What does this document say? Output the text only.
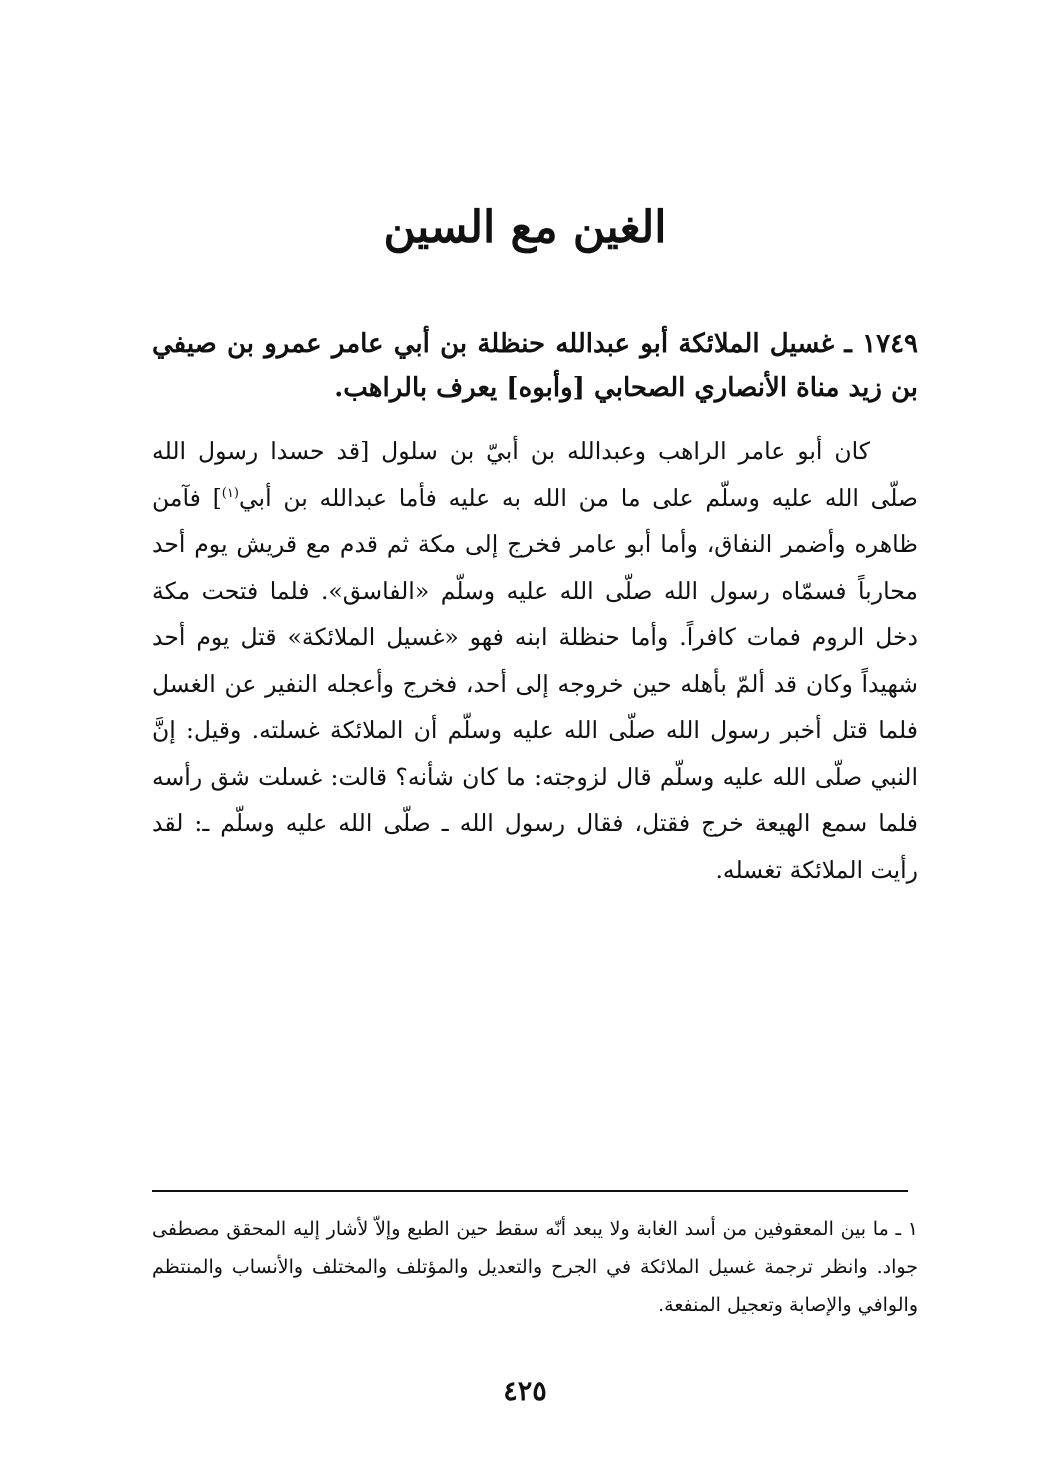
الغين مع السين
١٧٤٩ ـ غسيل الملائكة أبو عبدالله حنظلة بن أبي عامر عمرو بن صيفي بن زيد مناة الأنصاري الصحابي [وأبوه] يعرف بالراهب.

كان أبو عامر الراهب وعبدالله بن أبيّ بن سلول [قد حسدا رسول الله صلّى الله عليه وسلّم على ما من الله به عليه فأما عبدالله بن أبي$^{(١)}$] فآمن ظاهره وأضمر النفاق، وأما أبو عامر فخرج إلى مكة ثم قدم مع قريش يوم أحد محارباً فسمّاه رسول الله صلّى الله عليه وسلّم «الفاسق». فلما فتحت مكة دخل الروم فمات كافراً. وأما حنظلة ابنه فهو «غسيل الملائكة» قتل يوم أحد شهيداً وكان قد ألمّ بأهله حين خروجه إلى أحد، فخرج وأعجله النفير عن الغسل فلما قتل أخبر رسول الله صلّى الله عليه وسلّم أن الملائكة غسلته. وقيل: إنَّ النبي صلّى الله عليه وسلّم قال لزوجته: ما كان شأنه؟ قالت: غسلت شق رأسه فلما سمع الهيعة خرج فقتل، فقال رسول الله ـ صلّى الله عليه وسلّم ـ: لقد رأيت الملائكة تغسله.

١ ـ ما بين المعقوفين من أسد الغابة ولا يبعد أنّه سقط حين الطبع وإلاّ لأشار إليه المحقق مصطفى جواد. وانظر ترجمة غسيل الملائكة في الجرح والتعديل والمؤتلف والمختلف والأنساب والمنتظم والوافي والإصابة وتعجيل المنفعة.

٤٢٥
